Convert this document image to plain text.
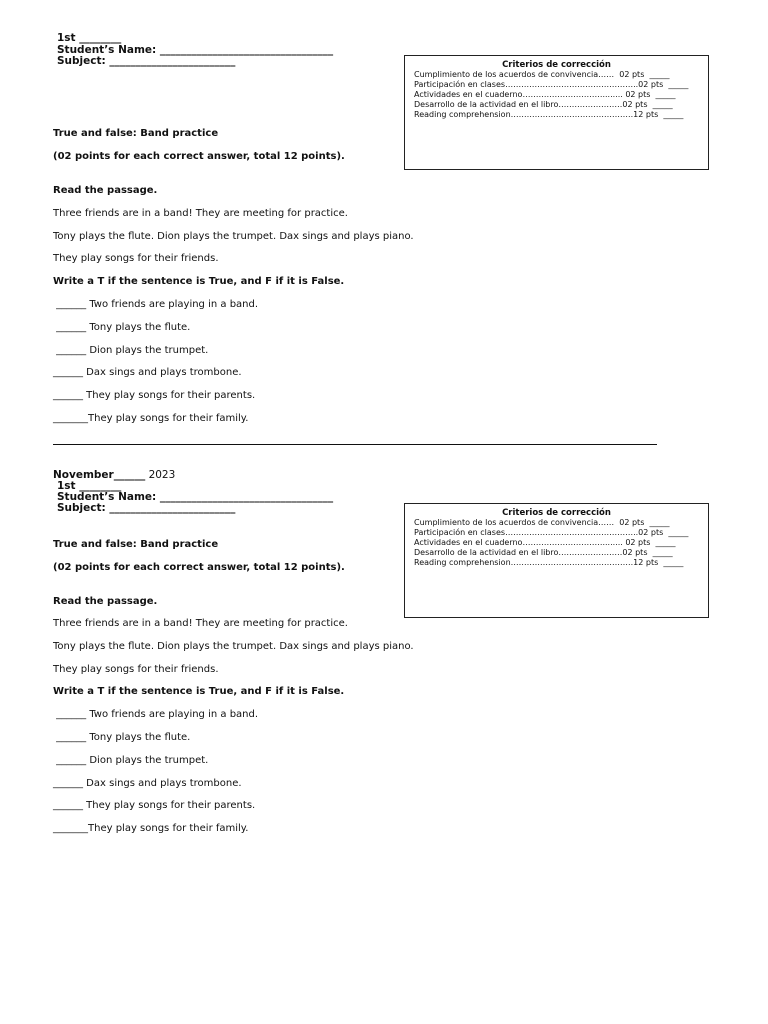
1st ________
Student’s Name: _________________________________
Subject: ________________________	Criterios de corrección
Cumplimiento de los acuerdos de convivencia……  02 pts  _____
Participación en clases…………………………………………..02 pts  _____
Actividades en el cuaderno…………………………........ 02 pts  _____
Desarrollo de la actividad en el libro……………………02 pts  _____
Reading comprehension……………………………………….12 pts  _____
True and false: Band practice
(02 points for each correct answer, total 12 points).
Read the passage.
Three friends are in a band! They are meeting for practice.
Tony plays the flute. Dion plays the trumpet. Dax sings and plays piano.
They play songs for their friends.
Write a T if the sentence is True, and F if it is False.
______ Two friends are playing in a band.
______ Tony plays the flute.
______ Dion plays the trumpet.
______ Dax sings and plays trombone.
______ They play songs for their parents.
_______They play songs for their family.
November______ 2023
1st ________
Student’s Name: _________________________________
Subject: ________________________	Criterios de corrección
Cumplimiento de los acuerdos de convivencia……  02 pts  _____
Participación en clases…………………………………………..02 pts  _____
Actividades en el cuaderno…………………………........ 02 pts  _____
Desarrollo de la actividad en el libro……………………02 pts  _____
Reading comprehension……………………………………….12 pts  _____
True and false: Band practice
(02 points for each correct answer, total 12 points).
Read the passage.
Three friends are in a band! They are meeting for practice.
Tony plays the flute. Dion plays the trumpet. Dax sings and plays piano.
They play songs for their friends.
Write a T if the sentence is True, and F if it is False.
______ Two friends are playing in a band.
______ Tony plays the flute.
______ Dion plays the trumpet.
______ Dax sings and plays trombone.
______ They play songs for their parents.
_______They play songs for their family.
